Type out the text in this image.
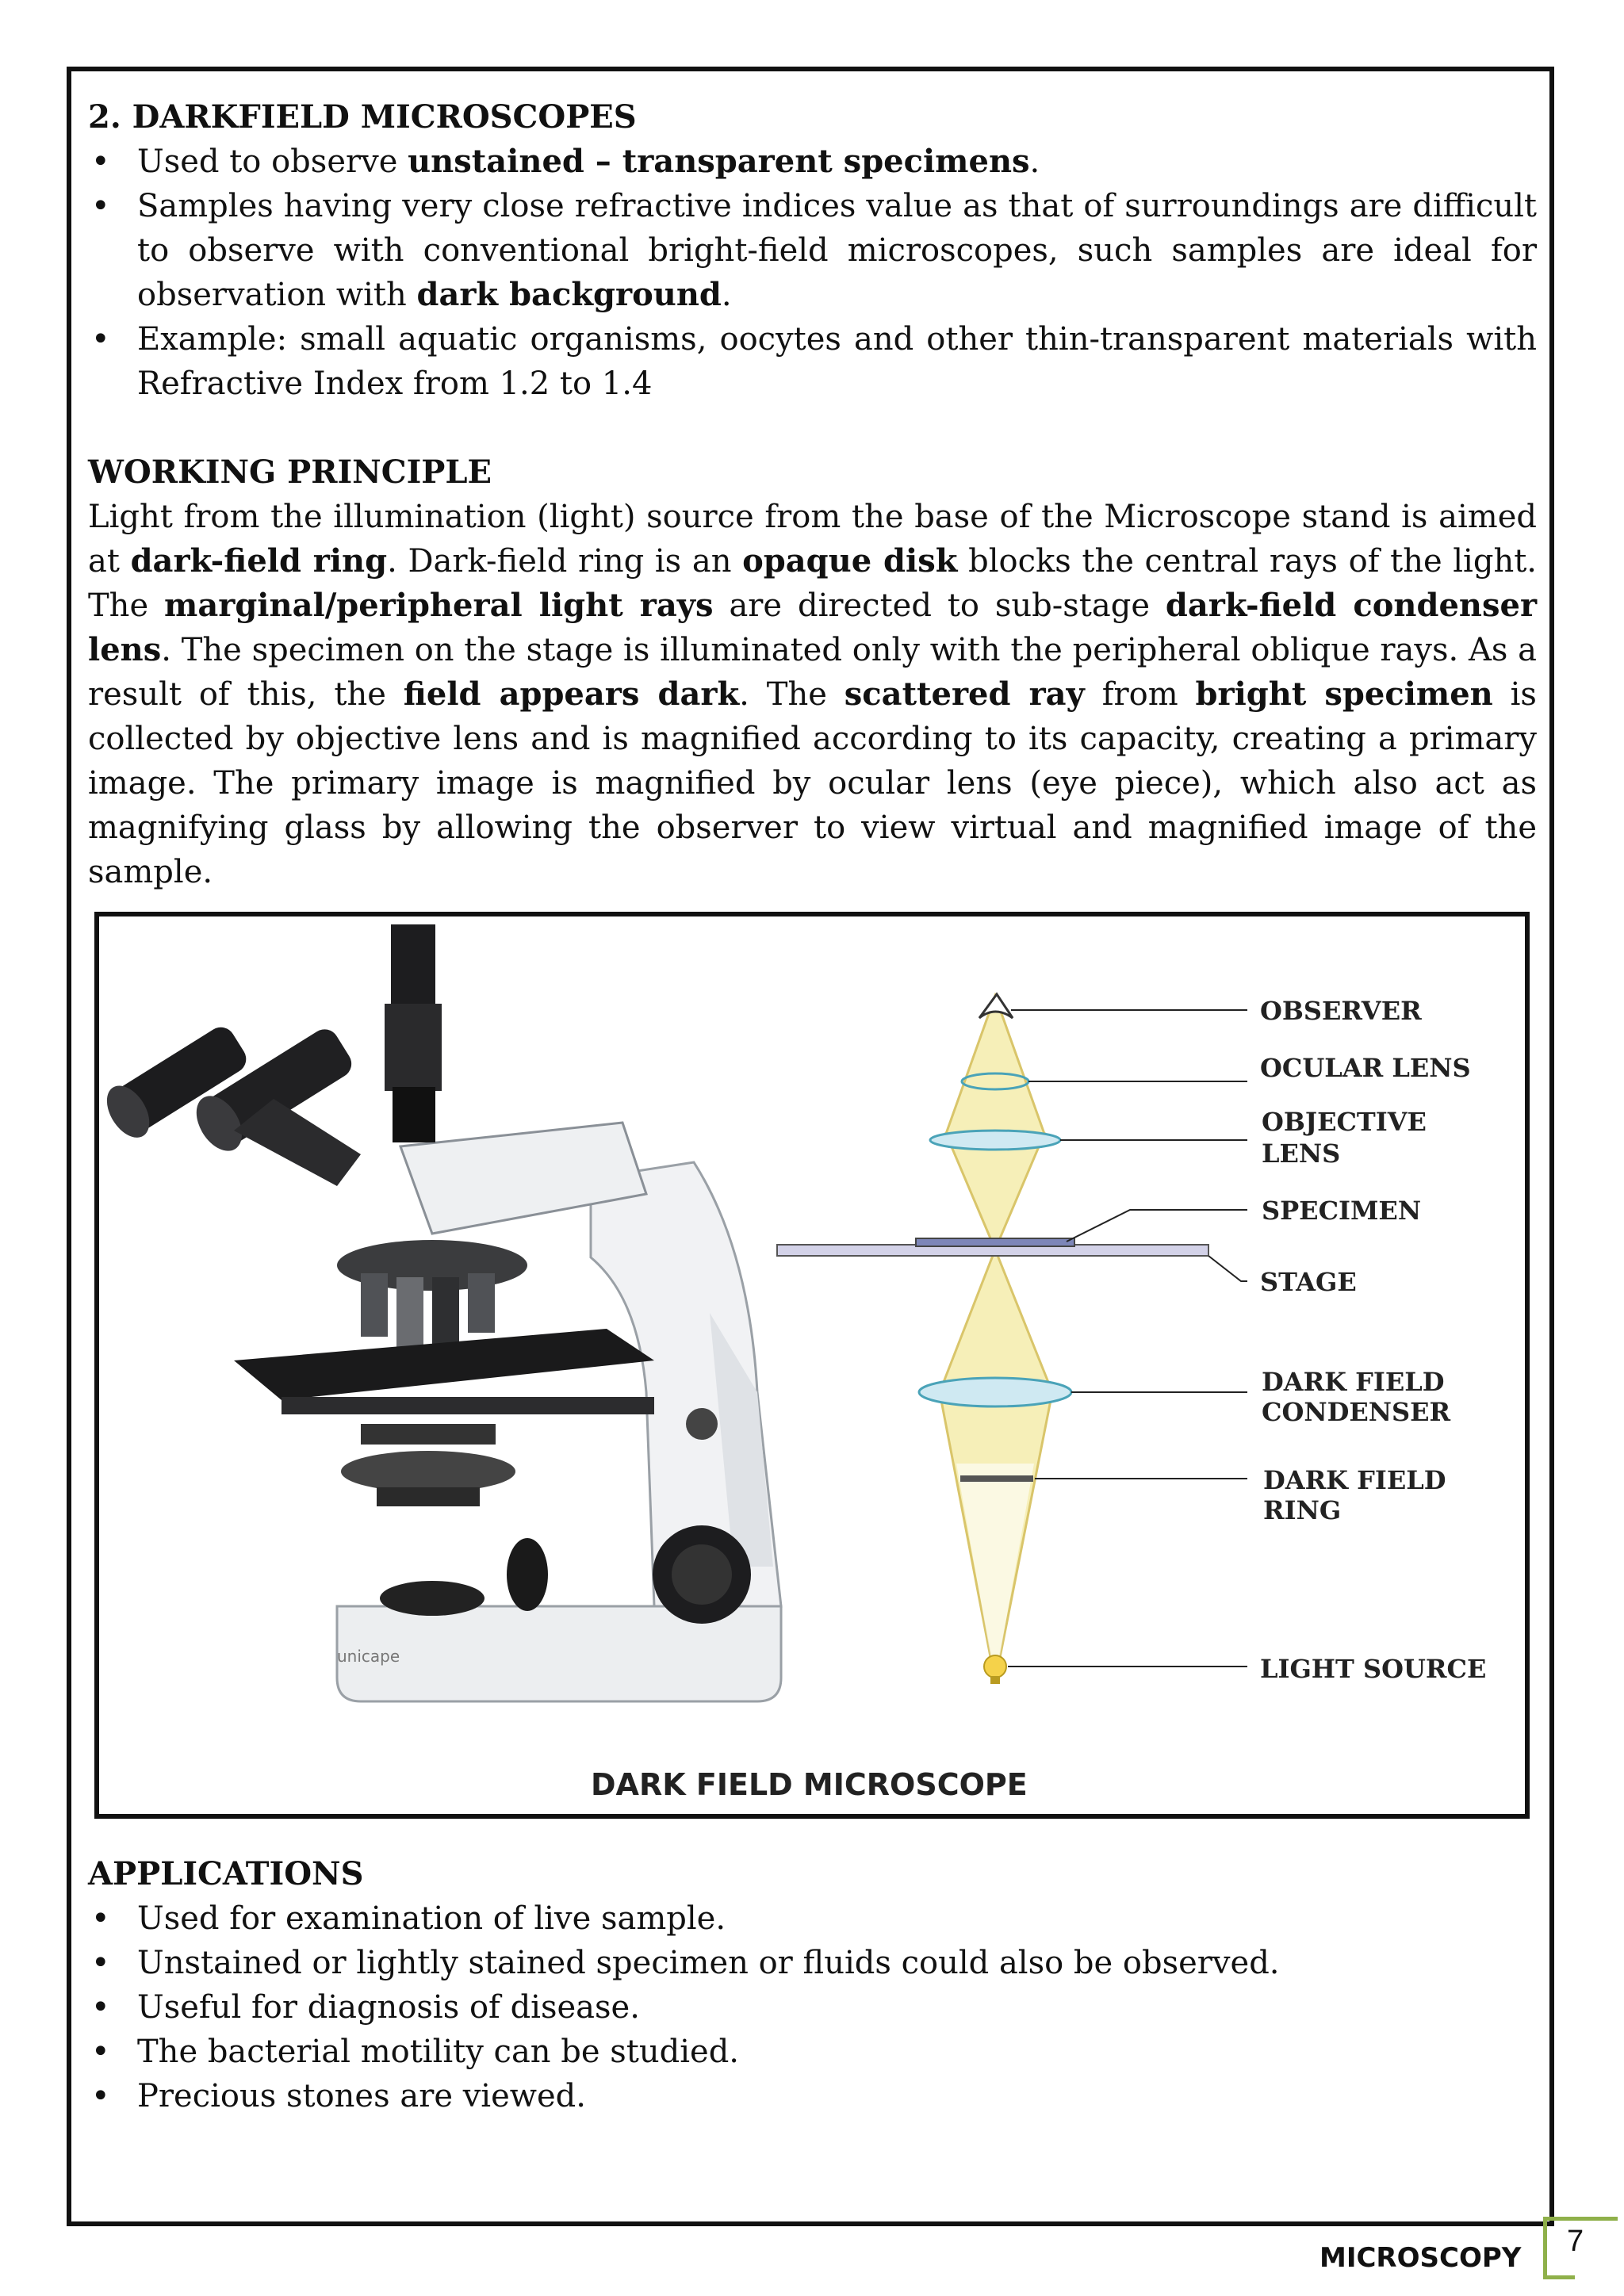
2. DARKFIELD MICROSCOPES

• Used to observe unstained – transparent specimens.
• Samples having very close refractive indices value as that of surroundings are difficult to observe with conventional bright-field microscopes, such samples are ideal for observation with dark background.
• Example: small aquatic organisms, oocytes and other thin-transparent materials with Refractive Index from 1.2 to 1.4

WORKING PRINCIPLE

Light from the illumination (light) source from the base of the Microscope stand is aimed at dark-field ring. Dark-field ring is an opaque disk blocks the central rays of the light. The marginal/peripheral light rays are directed to sub-stage dark-field condenser lens. The specimen on the stage is illuminated only with the peripheral oblique rays. As a result of this, the field appears dark. The scattered ray from bright specimen is collected by objective lens and is magnified according to its capacity, creating a primary image. The primary image is magnified by ocular lens (eye piece), which also act as magnifying glass by allowing the observer to view virtual and magnified image of the sample.

unicape
OBSERVER
OCULAR LENS
OBJECTIVE
LENS
SPECIMEN
STAGE
DARK FIELD
CONDENSER
DARK FIELD
RING
LIGHT SOURCE
DARK FIELD MICROSCOPE

APPLICATIONS

• Used for examination of live sample.
• Unstained or lightly stained specimen or fluids could also be observed.
• Useful for diagnosis of disease.
• The bacterial motility can be studied.
• Precious stones are viewed.
MICROSCOPY 7
